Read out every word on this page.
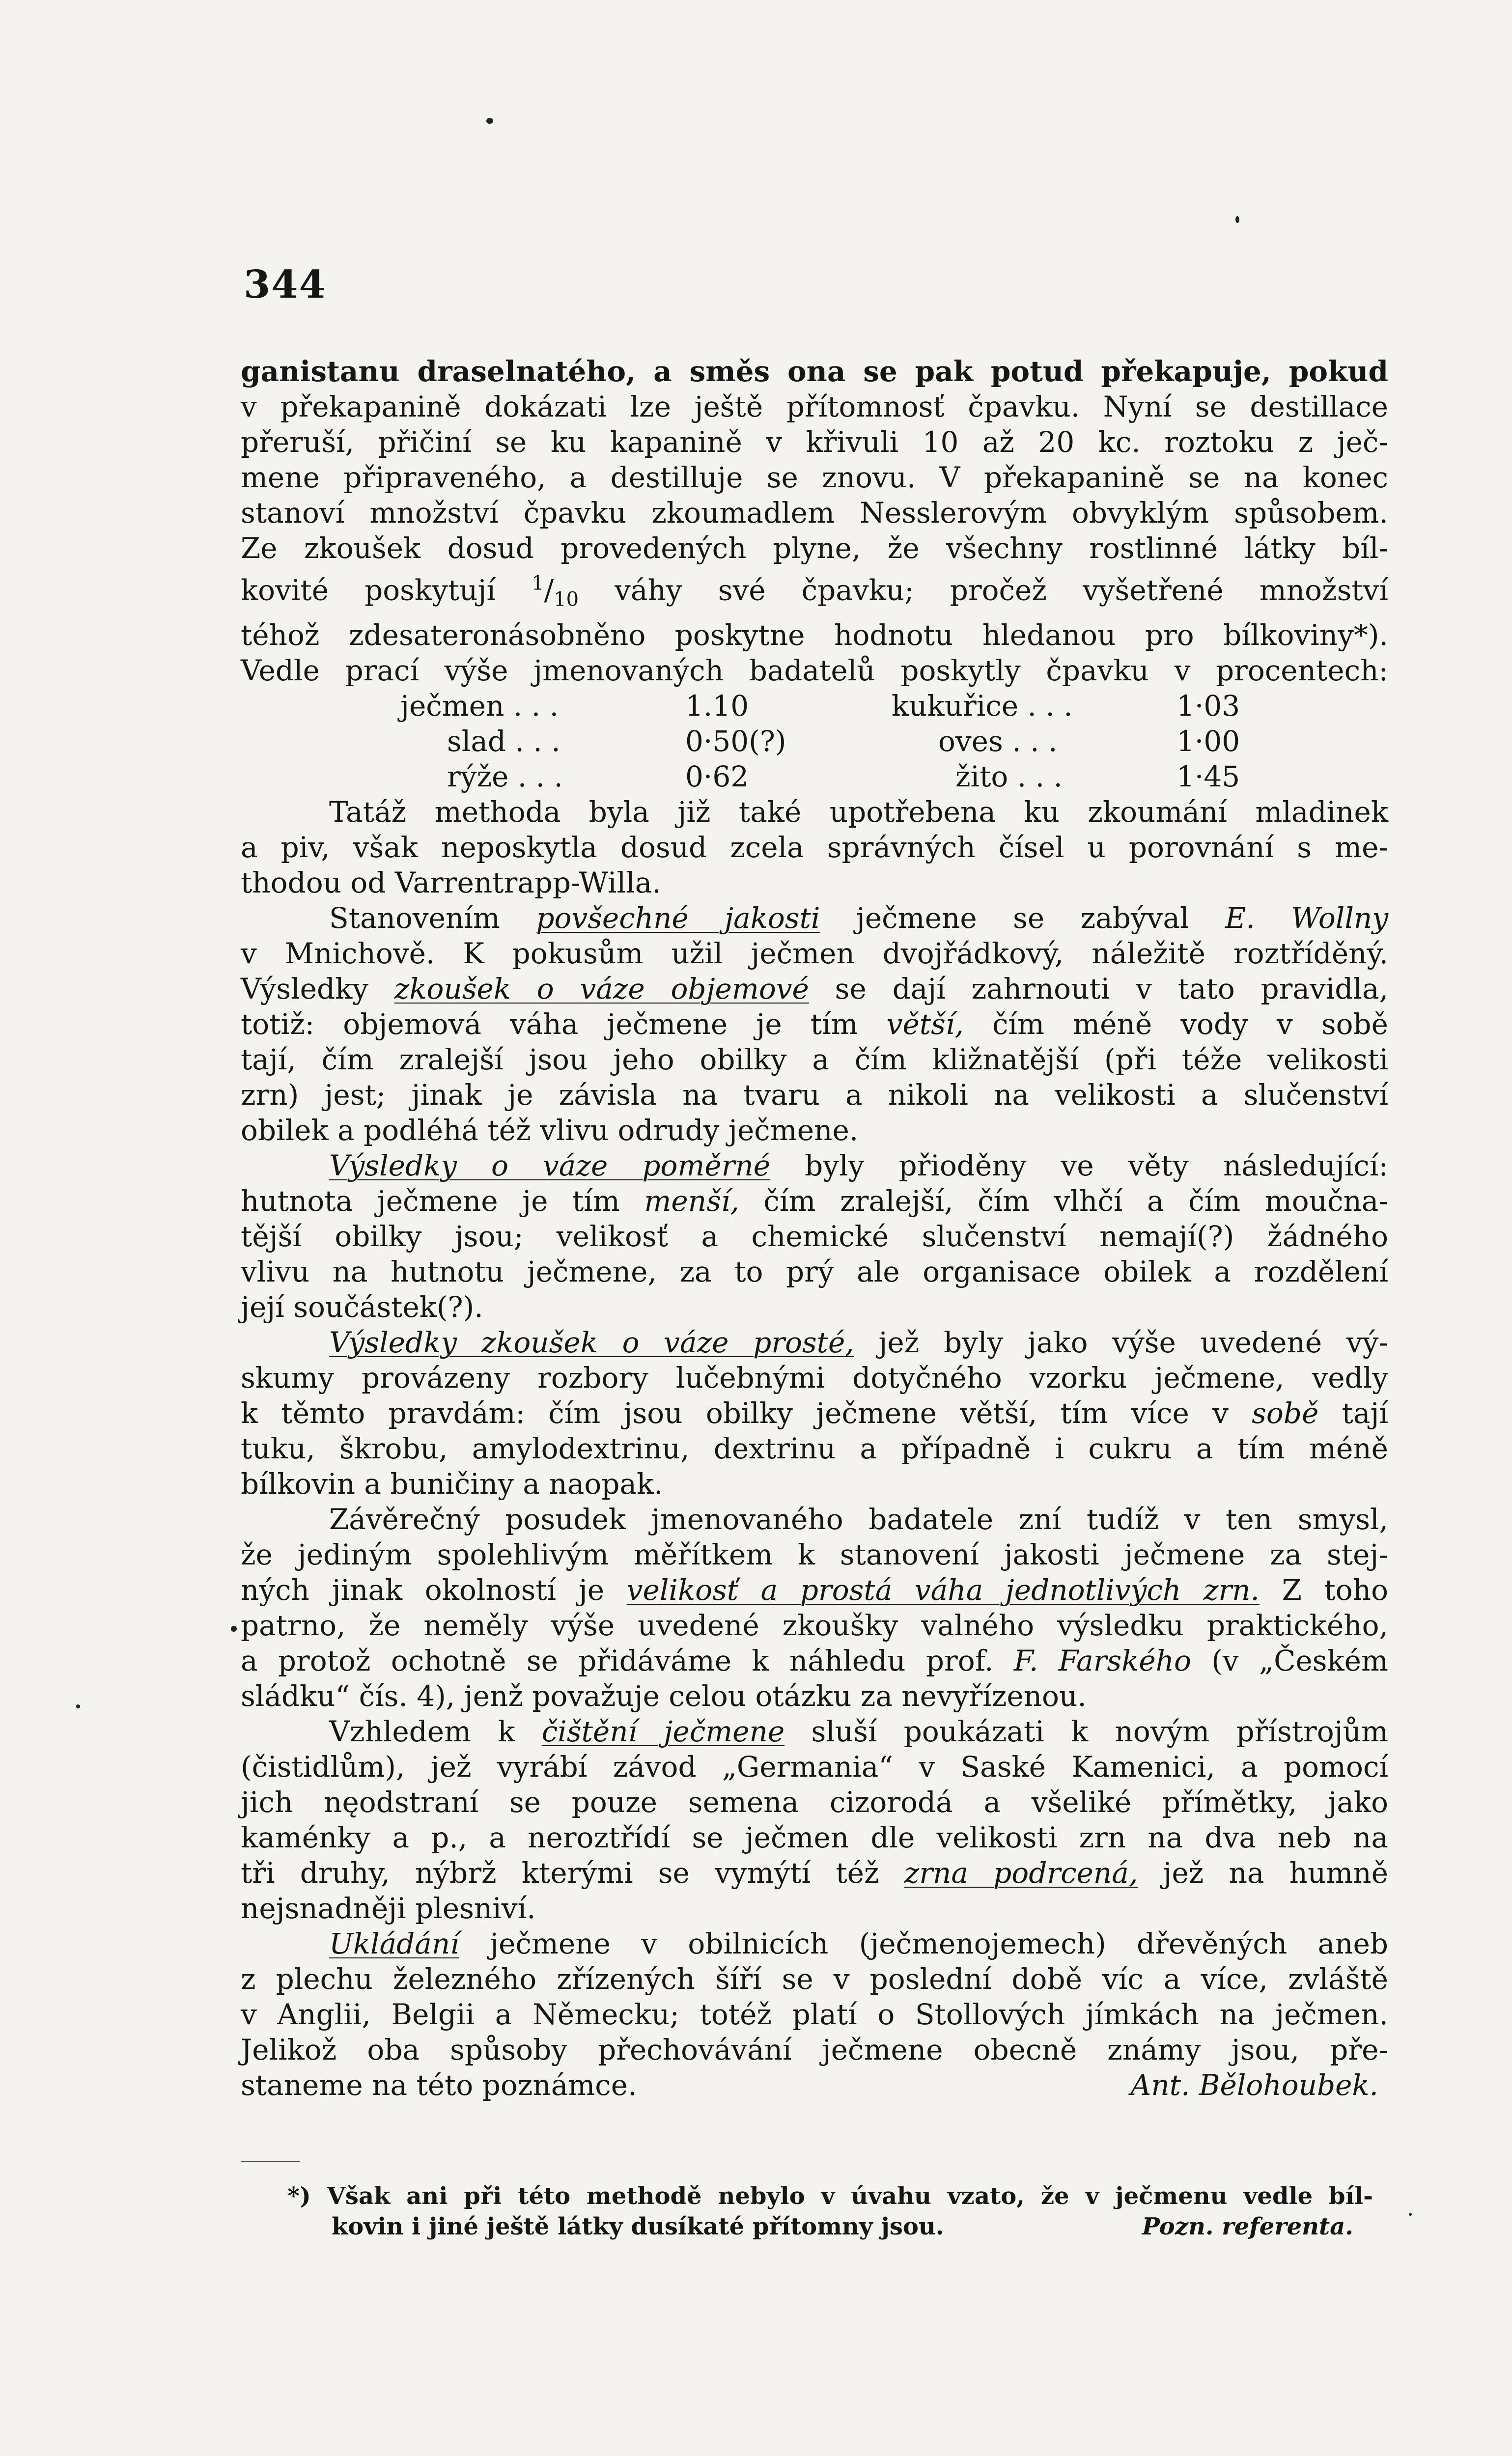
344

ganistanu draselnatého, a směs ona se pak potud překapuje, pokud

v překapanině dokázati lze ještě přítomnosť čpavku. Nyní se destillace

přeruší, přičiní se ku kapanině v křivuli 10 až 20 kc. roztoku z ječ-

mene připraveného, a destilluje se znovu. V překapanině se na konec

stanoví množství čpavku zkoumadlem Nesslerovým obvyklým spůsobem.

Ze zkoušek dosud provedených plyne, že všechny rostlinné látky bíl-

kovité poskytují $^1/_{10}$ váhy své čpavku; pročež vyšetřené množství

téhož zdesateronásobněno poskytne hodnotu hledanou pro bílkoviny*).

Vedle prací výše jmenovaných badatelů poskytly čpavku v procentech:

ječmen . . .	1.10	kukuřice . . .	1·03
slad . . .	0·50(?)	oves . . .	1·00
rýže . . .	0·62	žito . . .	1·45

Tatáž methoda byla již také upotřebena ku zkoumání mladinek

a piv, však neposkytla dosud zcela správných čísel u porovnání s me-

thodou od Varrentrapp-Willa.

Stanovením povšechné jakosti ječmene se zabýval E. Wollny

v Mnichově. K pokusům užil ječmen dvojřádkový, náležitě roztříděný.

Výsledky zkoušek o váze objemové se dají zahrnouti v tato pravidla,

totiž: objemová váha ječmene je tím větší, čím méně vody v sobě

tají, čím zralejší jsou jeho obilky a čím kližnatější (při téže velikosti

zrn) jest; jinak je závisla na tvaru a nikoli na velikosti a slučenství

obilek a podléhá též vlivu odrudy ječmene.

Výsledky o váze poměrné byly přioděny ve věty následující:

hutnota ječmene je tím menší, čím zralejší, čím vlhčí a čím moučna-

tější obilky jsou; velikosť a chemické slučenství nemají(?) žádného

vlivu na hutnotu ječmene, za to prý ale organisace obilek a rozdělení

její součástek(?).

Výsledky zkoušek o váze prosté, jež byly jako výše uvedené vý-

skumy provázeny rozbory lučebnými dotyčného vzorku ječmene, vedly

k těmto pravdám: čím jsou obilky ječmene větší, tím více v sobě tají

tuku, škrobu, amylodextrinu, dextrinu a případně i cukru a tím méně

bílkovin a buničiny a naopak.

Závěrečný posudek jmenovaného badatele zní tudíž v ten smysl,

že jediným spolehlivým měřítkem k stanovení jakosti ječmene za stej-

ných jinak okolností je velikosť a prostá váha jednotlivých zrn. Z toho

patrno, že neměly výše uvedené zkoušky valného výsledku praktického,

a protož ochotně se přidáváme k náhledu prof. F. Farského (v „Českém

sládku“ čís. 4), jenž považuje celou otázku za nevyřízenou.

Vzhledem k čištění ječmene sluší poukázati k novým přístrojům

(čistidlům), jež vyrábí závod „Germania“ v Saské Kamenici, a pomocí

jich nęodstraní se pouze semena cizorodá a všeliké přímětky, jako

kaménky a p., a neroztřídí se ječmen dle velikosti zrn na dva neb na

tři druhy, nýbrž kterými se vymýtí též zrna podrcená, jež na humně

nejsnadněji plesniví.

Ukládání ječmene v obilnicích (ječmenojemech) dřevěných aneb

z plechu železného zřízených šíří se v poslední době víc a více, zvláště

v Anglii, Belgii a Německu; totéž platí o Stollových jímkách na ječmen.

Jelikož oba spůsoby přechovávání ječmene obecně známy jsou, pře-

staneme na této poznámce.	Ant. Bělohoubek.

*) Však ani při této methodě nebylo v úvahu vzato, že v ječmenu vedle bíl-

kovin i jiné ještě látky dusíkaté přítomny jsou.	Pozn. referenta.
